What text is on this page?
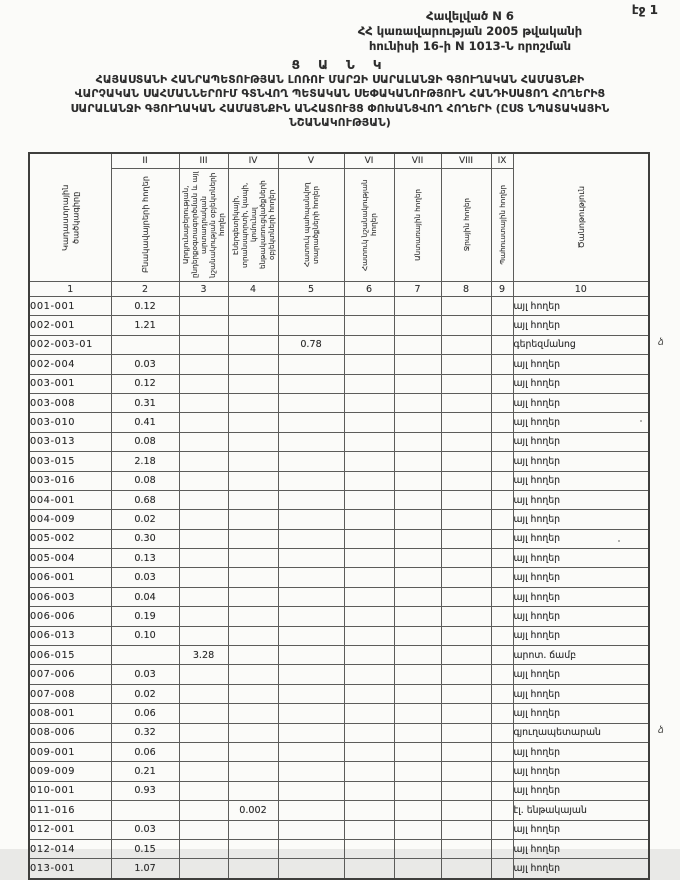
էջ 1
Հավելված N 6
ՀՀ կառավարության 2005 թվականի
հունիսի 16-ի N 1013-Ն որոշման
Ց Ա Ն Կ
ՀԱՅԱՍՏԱՆԻ ՀԱՆՐԱՊԵՏՈՒԹՅԱՆ ԼՈՌՈՒ ՄԱՐԶԻ ՍԱՐԱԼԱՆՋԻ ԳՅՈՒՂԱԿԱՆ ՀԱՄԱՅՆՔԻ
ՎԱՐՉԱԿԱՆ ՍԱՀՄԱՆՆԵՐՈՒՄ ԳՏՆՎՈՂ ՊԵՏԱԿԱՆ ՍԵՓԱԿԱՆՈՒԹՅՈՒՆ ՀԱՆԴԻՍԱՑՈՂ ՀՈՂԵՐԻՑ
ՍԱՐԱԼԱՆՋԻ ԳՅՈՒՂԱԿԱՆ ՀԱՄԱՅՆՔԻՆ ԱՆՀԱՏՈՒՅՑ ՓՈԽԱՆՑՎՈՂ ՀՈՂԵՐԻ (ԸՍՏ ՆՊԱՏԱԿԱՅԻՆ
ՆՇԱՆԱԿՈՒԹՅԱՆ)
Կադաստրային ծածկագիրը	II	III	IV	V	VI	VII	VIII	IX	Ծանոթություն

	Բնակավայրերի հողեր	Արդյունաբերության, ընդերքօգտագործման և այլ արտադրական նշանակության օբյեկտների հողեր	Էներգետիկայի, տրանսպորտի, կապի, կոմունալ ենթակառուցվածքների օբյեկտների հողեր	Հատուկ պահպանվող տարածքների հողեր	Հատուկ նշանակության հողեր	Անտառային հողեր	Ջրային հողեր	Պահուստային հողեր	

1	2	3	4	5	6	7	8	9	10
001-001	0.12								այլ հողեր
002-001	1.21								այլ հողեր
002-003-01				0.78					գերեզմանոց ձ

002-004	0.03								այլ հողեր
003-001	0.12								այլ հողեր
003-008	0.31								այլ հողեր
003-010	0.41								այլ հողեր
003-013	0.08								այլ հողեր
003-015	2.18								այլ հողեր
003-016	0.08								այլ հողեր
004-001	0.68								այլ հողեր
004-009	0.02								այլ հողեր
005-002	0.30								այլ հողեր
005-004	0.13								այլ հողեր
006-001	0.03								այլ հողեր
006-003	0.04								այլ հողեր
006-006	0.19								այլ հողեր
006-013	0.10								այլ հողեր
006-015		3.28							արոտ. ճամբ
007-006	0.03								այլ հողեր
007-008	0.02								այլ հողեր
008-001	0.06								այլ հողեր
008-006	0.32								գյուղապետարան ձ

009-001	0.06								այլ հողեր
009-009	0.21								այլ հողեր
010-001	0.93								այլ հողեր
011-016			0.002						էլ. ենթակայան
012-001	0.03								այլ հողեր
012-014	0.15								այլ հողեր
013-001	1.07								այլ հողեր
